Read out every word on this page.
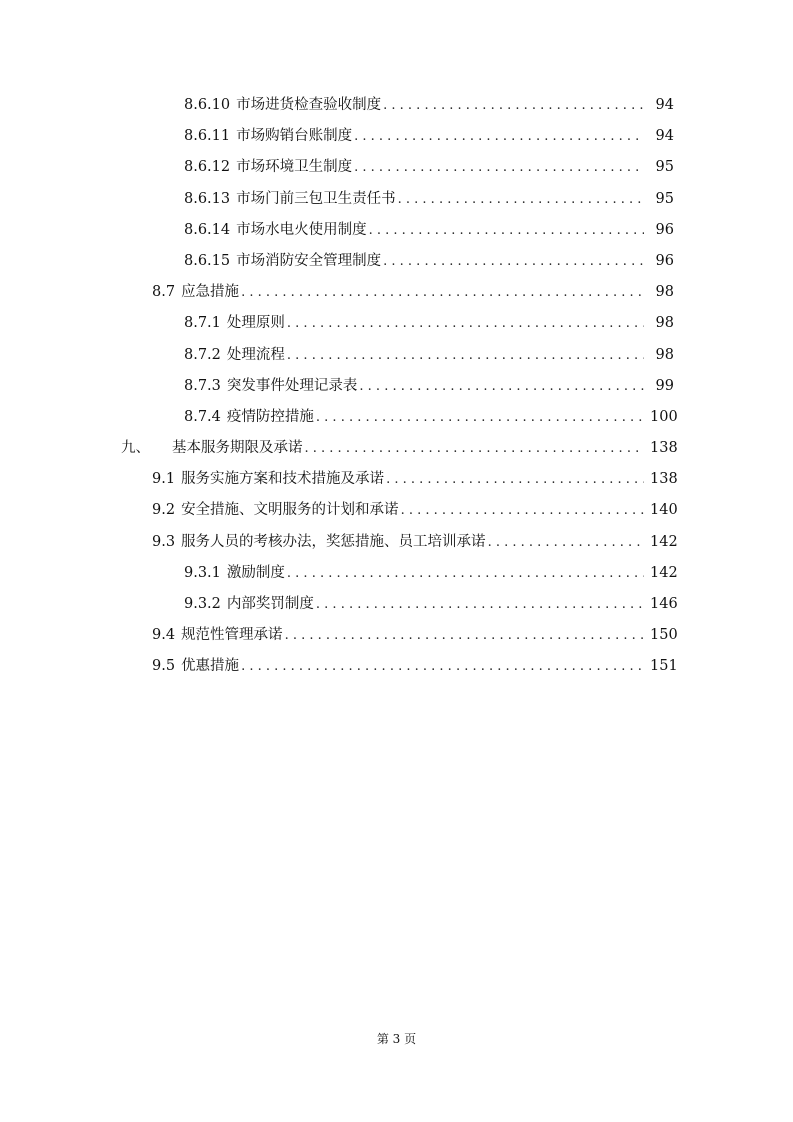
8.6.10 市场进货检查验收制度 . . .	94
8.6.11 市场购销台账制度 . . .	94
8.6.12 市场环境卫生制度 . . .	95
8.6.13 市场门前三包卫生责任书 . . .	95
8.6.14 市场水电火使用制度 . . .	96
8.6.15 市场消防安全管理制度 . . .	96
8.7 应急措施 . . .	98
8.7.1 处理原则 . . .	98
8.7.2 处理流程 . . .	98
8.7.3 突发事件处理记录表 . . .	99
8.7.4 疫情防控措施 . . .	100
九、 基本服务期限及承诺 . . .	138
9.1 服务实施方案和技术措施及承诺 . . .	138
9.2 安全措施、文明服务的计划和承诺 . . .	140
9.3 服务人员的考核办法，奖惩措施、员工培训承诺 . . .	142
9.3.1 激励制度 . . .	142
9.3.2 内部奖罚制度 . . .	146
9.4 规范性管理承诺 . . .	150
9.5 优惠措施 . . .	151
第 3 页
